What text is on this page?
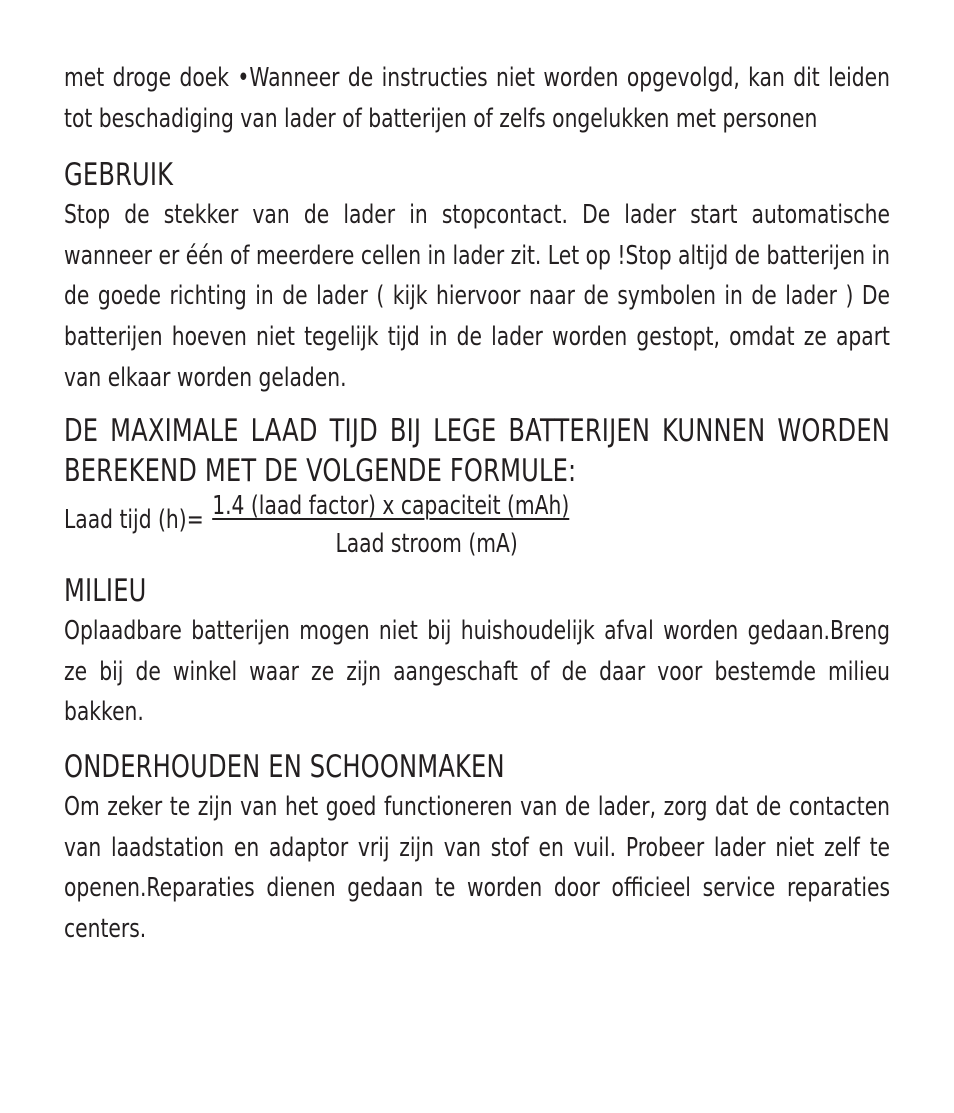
met droge doek •Wanneer de instructies niet worden opgevolgd, kan dit leiden tot beschadiging van lader of batterijen of zelfs ongelukken met personen

GEBRUIK

Stop de stekker van de lader in stopcontact. De lader start automatische wanneer er één of meerdere cellen in lader zit. Let op !Stop altijd de batterijen in de goede richting in de lader ( kijk hiervoor naar de symbolen in de lader ) De batterijen hoeven niet tegelijk tijd in de lader worden gestopt, omdat ze apart van elkaar worden geladen.

DE MAXIMALE LAAD TIJD BIJ LEGE BATTERIJEN KUNNEN WORDEN BEREKEND MET DE VOLGENDE FORMULE:
Laad tijd (h)= 1.4 (laad factor) x capaciteit (mAh)
Laad stroom (mA)
MILIEU

Oplaadbare batterijen mogen niet bij huishoudelijk afval worden gedaan.Breng ze bij de winkel waar ze zijn aangeschaft of de daar voor bestemde milieu bakken.

ONDERHOUDEN EN SCHOONMAKEN

Om zeker te zijn van het goed functioneren van de lader, zorg dat de contacten van laadstation en adaptor vrij zijn van stof en vuil. Probeer lader niet zelf te openen.Reparaties dienen gedaan te worden door officieel service reparaties centers.
